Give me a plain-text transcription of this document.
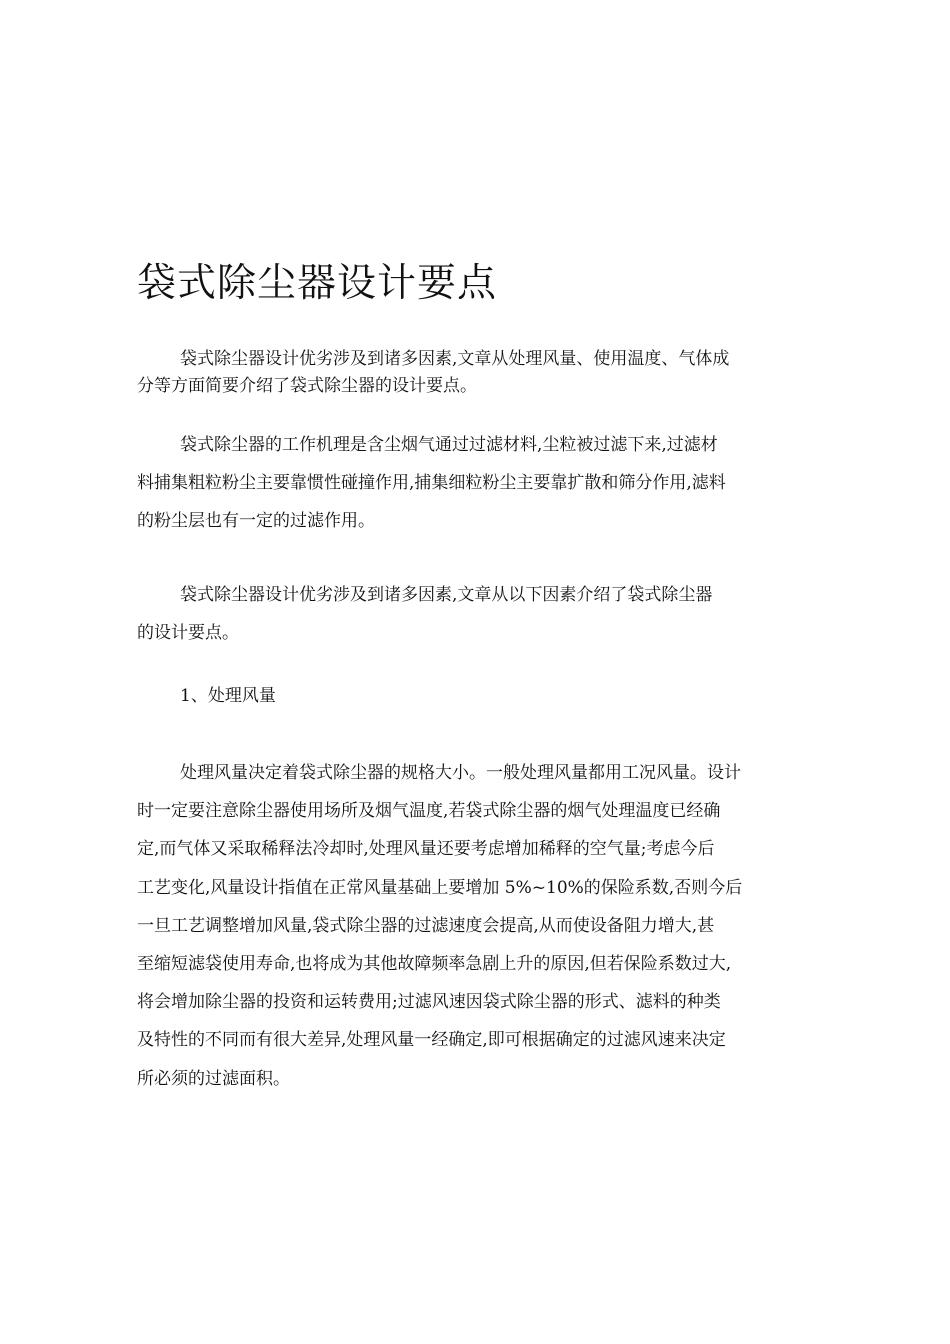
袋式除尘器设计要点
袋式除尘器设计优劣涉及到诸多因素,文章从处理风量、使用温度、气体成
分等方面简要介绍了袋式除尘器的设计要点。
袋式除尘器的工作机理是含尘烟气通过过滤材料,尘粒被过滤下来,过滤材
料捕集粗粒粉尘主要靠惯性碰撞作用,捕集细粒粉尘主要靠扩散和筛分作用,滤料
的粉尘层也有一定的过滤作用。
袋式除尘器设计优劣涉及到诸多因素,文章从以下因素介绍了袋式除尘器
的设计要点。
1、处理风量
处理风量决定着袋式除尘器的规格大小。一般处理风量都用工况风量。设计
时一定要注意除尘器使用场所及烟气温度,若袋式除尘器的烟气处理温度已经确
定,而气体又采取稀释法冷却时,处理风量还要考虑增加稀释的空气量;考虑今后
工艺变化,风量设计指值在正常风量基础上要增加 5%~10%的保险系数,否则今后
一旦工艺调整增加风量,袋式除尘器的过滤速度会提高,从而使设备阻力增大,甚
至缩短滤袋使用寿命,也将成为其他故障频率急剧上升的原因,但若保险系数过大,
将会增加除尘器的投资和运转费用;过滤风速因袋式除尘器的形式、滤料的种类
及特性的不同而有很大差异,处理风量一经确定,即可根据确定的过滤风速来决定
所必须的过滤面积。
